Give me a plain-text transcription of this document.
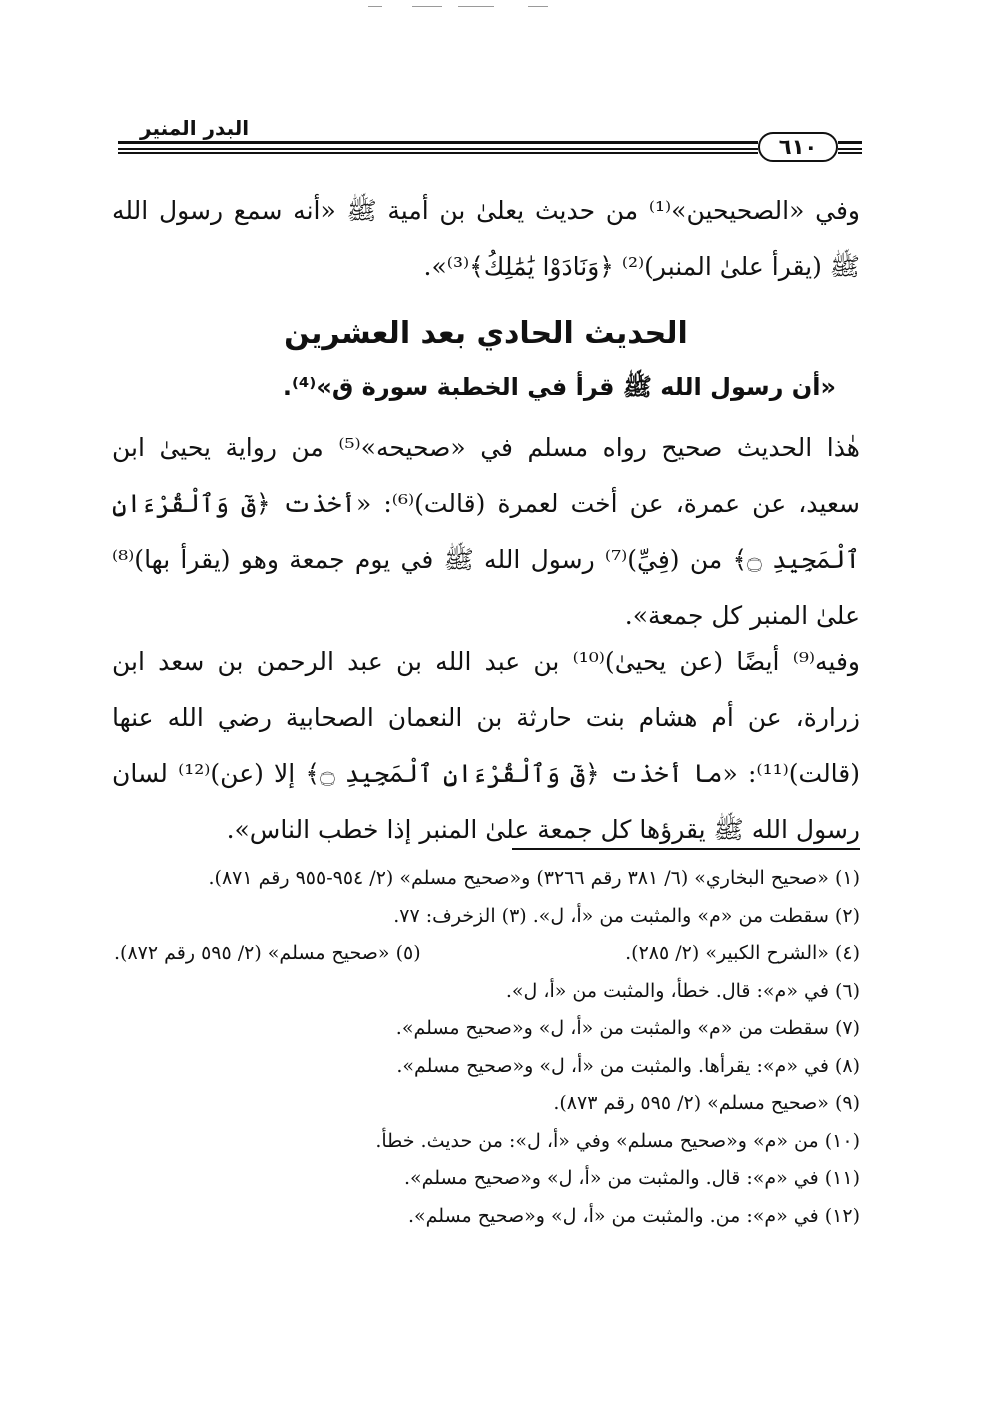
البدر المنير
٦١٠

وفي «الصحيحين»⁽¹⁾ من حديث يعلىٰ بن أمية ﷺ «أنه سمع رسول الله ﷺ (يقرأ علىٰ المنبر)⁽²⁾ ﴿وَنَادَوْا يَٰمَٰلِكُ﴾⁽³⁾».

الحديث الحادي بعد العشرين
«أن رسول الله ﷺ قرأ في الخطبة سورة ق»⁽⁴⁾.

هٰذا الحديث صحيح رواه مسلم في «صحيحه»⁽⁵⁾ من رواية يحيىٰ ابن سعيد، عن عمرة، عن أخت لعمرة (قالت)⁽⁶⁾: «أخذت ﴿قٓ وَٱلْقُرْءَانِ ٱلْمَجِيدِ ۝﴾ من (فِيِّ)⁽⁷⁾ رسول الله ﷺ في يوم جمعة وهو (يقرأ بها)⁽⁸⁾ علىٰ المنبر كل جمعة».

وفيه⁽⁹⁾ أيضًا (عن يحيىٰ)⁽¹⁰⁾ بن عبد الله بن عبد الرحمن بن سعد ابن زرارة، عن أم هشام بنت حارثة بن النعمان الصحابية رضي الله عنها (قالت)⁽¹¹⁾: «ما أخذت ﴿قٓ وَٱلْقُرْءَانِ ٱلْمَجِيدِ ۝﴾ إلا (عن)⁽¹²⁾ لسان رسول الله ﷺ يقرؤها كل جمعة علىٰ المنبر إذا خطب الناس».

(١) «صحيح البخاري» (٦/ ٣٨١ رقم ٣٢٦٦) و«صحيح مسلم» (٢/ ٩٥٤-٩٥٥ رقم ٨٧١).

(٢) سقطت من «م» والمثبت من «أ، ل». (٣) الزخرف: ٧٧.

(٤) «الشرح الكبير» (٢/ ٢٨٥).

(٥) «صحيح مسلم» (٢/ ٥٩٥ رقم ٨٧٢).

(٦) في «م»: قال. خطأ، والمثبت من «أ، ل».

(٧) سقطت من «م» والمثبت من «أ، ل» و«صحيح مسلم».

(٨) في «م»: يقرأها. والمثبت من «أ، ل» و«صحيح مسلم».

(٩) «صحيح مسلم» (٢/ ٥٩٥ رقم ٨٧٣).

(١٠) من «م» و«صحيح مسلم» وفي «أ، ل»: من حديث. خطأ.

(١١) في «م»: قال. والمثبت من «أ، ل» و«صحيح مسلم».

(١٢) في «م»: من. والمثبت من «أ، ل» و«صحيح مسلم».
